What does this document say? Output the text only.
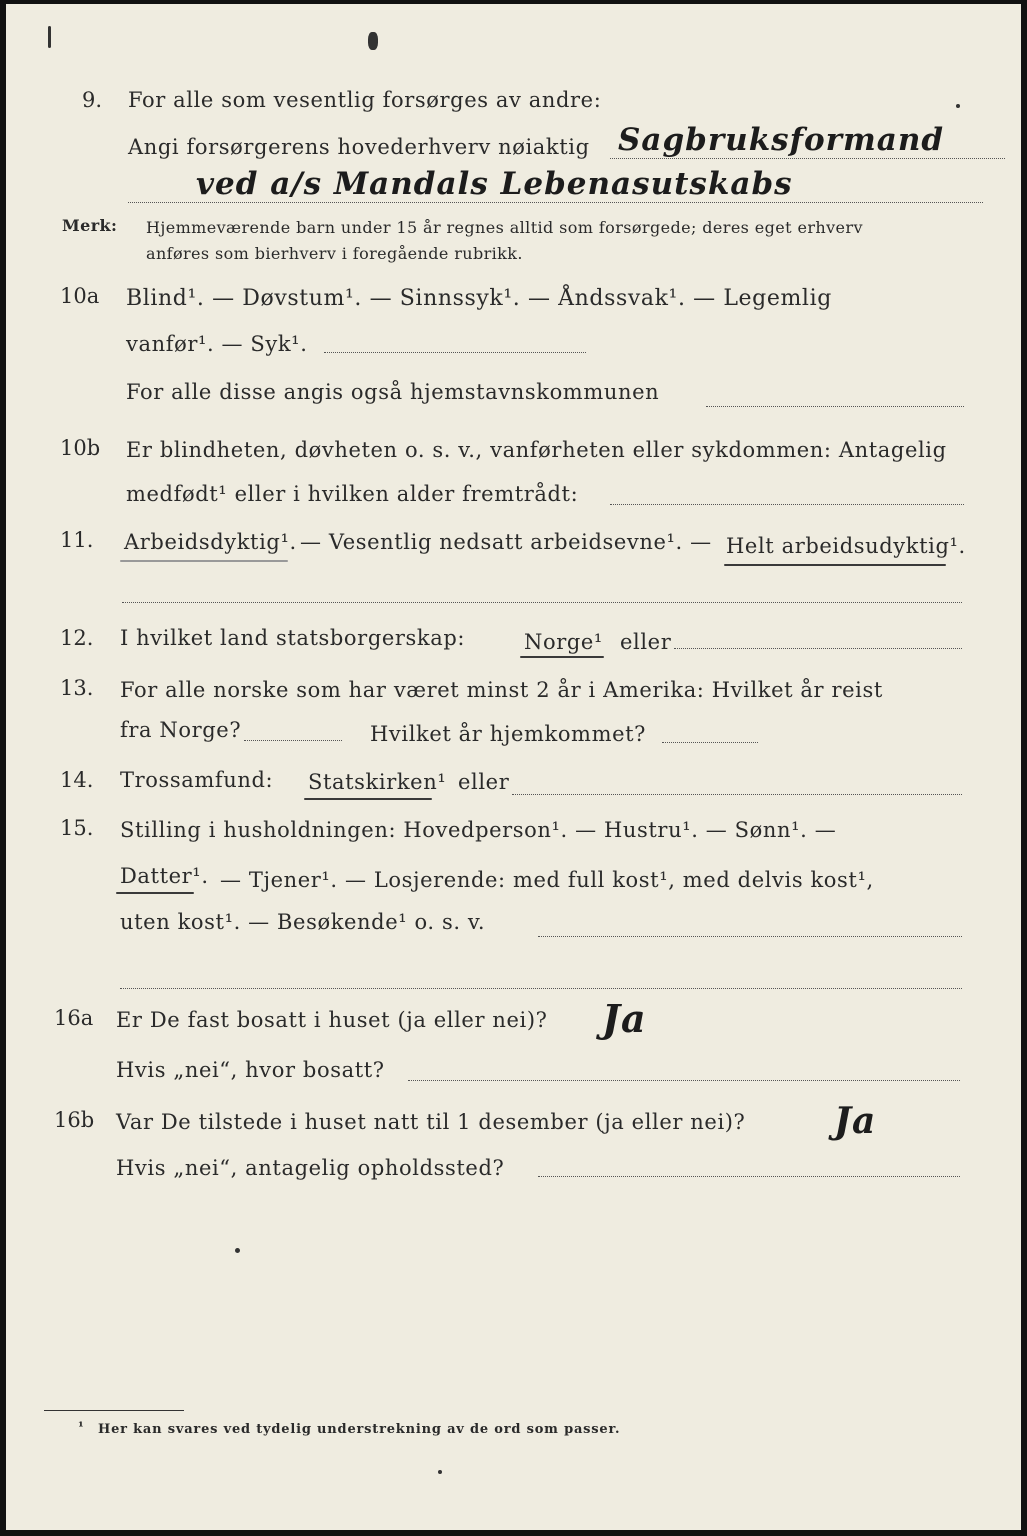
9. For alle som vesentlig forsørges av andre:
Angi forsørgerens hovederhverv nøiaktig Sagbruksformand
ved a/s Mandals Lebenasutskabs
Merk: Hjemmeværende barn under 15 år regnes alltid som forsørgede; deres eget erhverv
anføres som bierhverv i foregående rubrikk.
10a Blind¹. — Døvstum¹. — Sinnssyk¹. — Åndssvak¹. — Legemlig
vanfør¹. — Syk¹.
For alle disse angis også hjemstavnskommunen
10b Er blindheten, døvheten o. s. v., vanførheten eller sykdommen: Antagelig
medfødt¹ eller i hvilken alder fremtrådt:
11. Arbeidsdyktig¹. — Vesentlig nedsatt arbeidsevne¹. — Helt arbeidsudyktig¹.
12. I hvilket land statsborgerskap:	Norge¹ eller
13. For alle norske som har været minst 2 år i Amerika: Hvilket år reist
fra Norge?	Hvilket år hjemkommet?
14. Trossamfund: Statskirken¹ eller
15. Stilling i husholdningen: Hovedperson¹. — Hustru¹. — Sønn¹. —
Datter¹. — Tjener¹. — Losjerende: med full kost¹, med delvis kost¹,
uten kost¹. — Besøkende¹ o. s. v.
16a Er De fast bosatt i huset (ja eller nei)? Ja
Hvis „nei“, hvor bosatt?
16b Var De tilstede i huset natt til 1 desember (ja eller nei)? Ja
Hvis „nei“, antagelig opholdssted?
¹ Her kan svares ved tydelig understrekning av de ord som passer.
